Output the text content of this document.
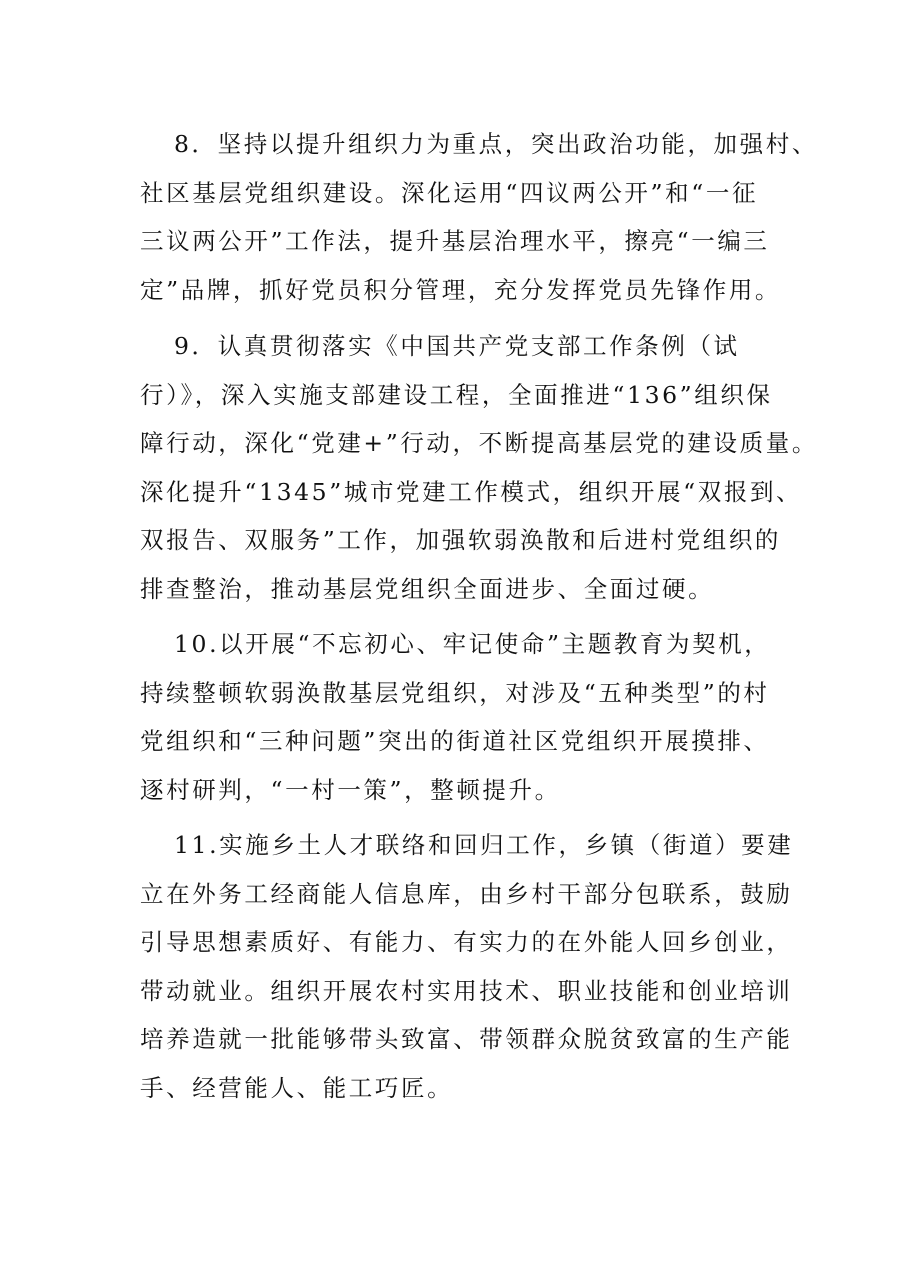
8．坚持以提升组织力为重点，突出政治功能，加强村、
社区基层党组织建设。深化运用“四议两公开”和“一征
三议两公开”工作法，提升基层治理水平，擦亮“一编三
定”品牌，抓好党员积分管理，充分发挥党员先锋作用。
9．认真贯彻落实《中国共产党支部工作条例（试
行）》，深入实施支部建设工程，全面推进“136”组织保
障行动，深化“党建+”行动，不断提高基层党的建设质量。
深化提升“1345”城市党建工作模式，组织开展“双报到、
双报告、双服务”工作，加强软弱涣散和后进村党组织的
排查整治，推动基层党组织全面进步、全面过硬。
10.以开展“不忘初心、牢记使命”主题教育为契机，
持续整顿软弱涣散基层党组织，对涉及“五种类型”的村
党组织和“三种问题”突出的街道社区党组织开展摸排、
逐村研判，“一村一策”，整顿提升。
11.实施乡土人才联络和回归工作，乡镇（街道）要建
立在外务工经商能人信息库，由乡村干部分包联系，鼓励
引导思想素质好、有能力、有实力的在外能人回乡创业，
带动就业。组织开展农村实用技术、职业技能和创业培训
培养造就一批能够带头致富、带领群众脱贫致富的生产能
手、经营能人、能工巧匠。
